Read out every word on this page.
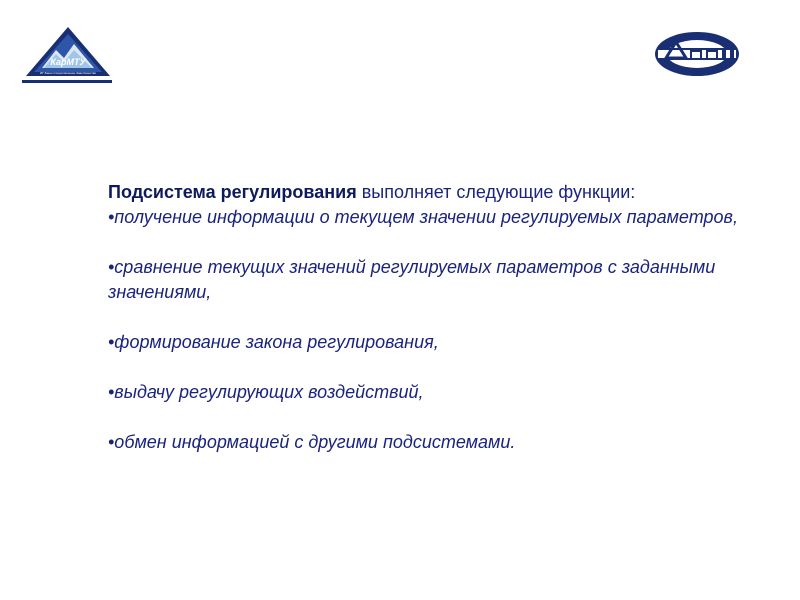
КарМТУ
ИГ Закон Сопротивление Знак Качество
Подсистема регулирования выполняет следующие функции:
•получение информации о текущем значении регулируемых параметров,
•сравнение текущих значений регулируемых параметров с заданными значениями,
•формирование закона регулирования,
•выдачу регулирующих воздействий,
•обмен информацией с другими подсистемами.
